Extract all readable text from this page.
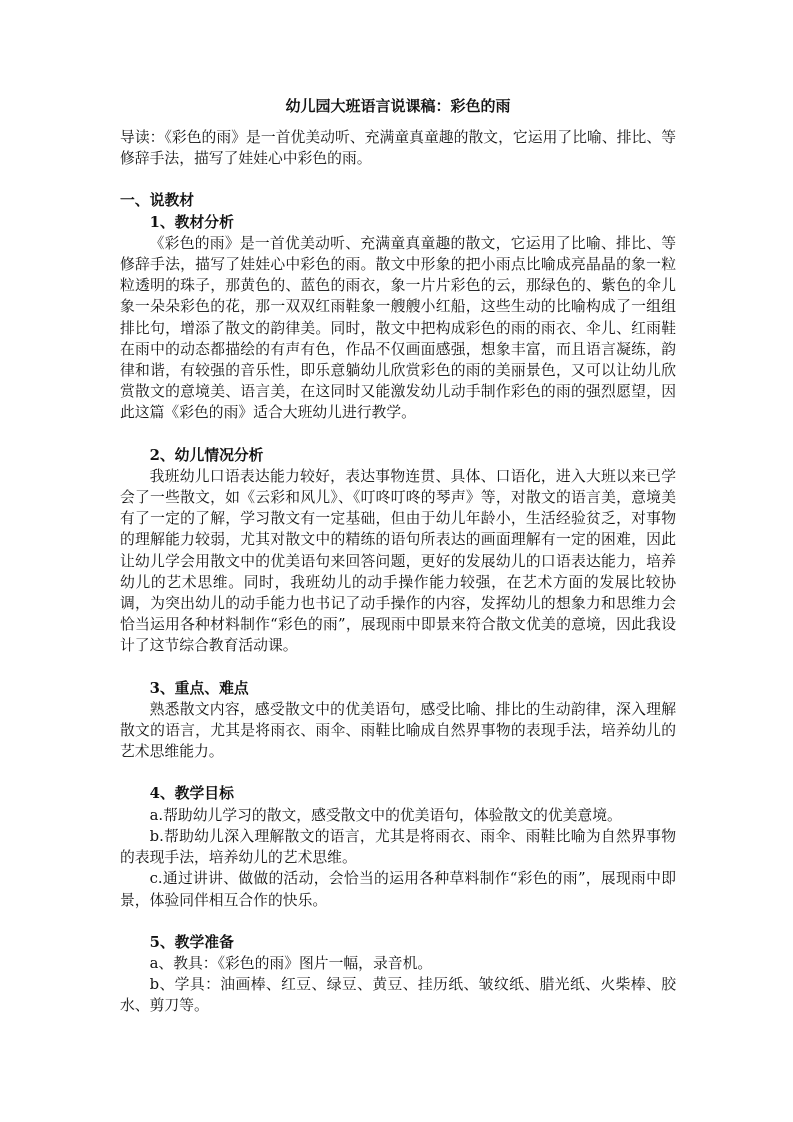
幼儿园大班语言说课稿：彩色的雨

导读：《彩色的雨》是一首优美动听、充满童真童趣的散文，它运用了比喻、排比、等修辞手法，描写了娃娃心中彩色的雨。

一、说教材

1、教材分析

《彩色的雨》是一首优美动听、充满童真童趣的散文，它运用了比喻、排比、等修辞手法，描写了娃娃心中彩色的雨。散文中形象的把小雨点比喻成亮晶晶的象一粒粒透明的珠子，那黄色的、蓝色的雨衣，象一片片彩色的云，那绿色的、紫色的伞儿象一朵朵彩色的花，那一双双红雨鞋象一艘艘小红船，这些生动的比喻构成了一组组排比句，增添了散文的韵律美。同时，散文中把构成彩色的雨的雨衣、伞儿、红雨鞋在雨中的动态都描绘的有声有色，作品不仅画面感强，想象丰富，而且语言凝练，韵律和谐，有较强的音乐性，即乐意躺幼儿欣赏彩色的雨的美丽景色，又可以让幼儿欣赏散文的意境美、语言美，在这同时又能激发幼儿动手制作彩色的雨的强烈愿望，因此这篇《彩色的雨》适合大班幼儿进行教学。

2、幼儿情况分析

我班幼儿口语表达能力较好，表达事物连贯、具体、口语化，进入大班以来已学会了一些散文，如《云彩和风儿》、《叮咚叮咚的琴声》等，对散文的语言美，意境美有了一定的了解，学习散文有一定基础，但由于幼儿年龄小，生活经验贫乏，对事物的理解能力较弱，尤其对散文中的精练的语句所表达的画面理解有一定的困难，因此让幼儿学会用散文中的优美语句来回答问题，更好的发展幼儿的口语表达能力，培养幼儿的艺术思维。同时，我班幼儿的动手操作能力较强，在艺术方面的发展比较协调，为突出幼儿的动手能力也书记了动手操作的内容，发挥幼儿的想象力和思维力会恰当运用各种材料制作“彩色的雨”，展现雨中即景来符合散文优美的意境，因此我设计了这节综合教育活动课。

3、重点、难点

熟悉散文内容，感受散文中的优美语句，感受比喻、排比的生动韵律，深入理解散文的语言，尤其是将雨衣、雨伞、雨鞋比喻成自然界事物的表现手法，培养幼儿的艺术思维能力。

4、教学目标

a.帮助幼儿学习的散文，感受散文中的优美语句，体验散文的优美意境。

b.帮助幼儿深入理解散文的语言，尤其是将雨衣、雨伞、雨鞋比喻为自然界事物的表现手法，培养幼儿的艺术思维。

c.通过讲讲、做做的活动，会恰当的运用各种草料制作“彩色的雨”，展现雨中即景，体验同伴相互合作的快乐。

5、教学准备

a、教具：《彩色的雨》图片一幅，录音机。

b、学具：油画棒、红豆、绿豆、黄豆、挂历纸、皱纹纸、腊光纸、火柴棒、胶水、剪刀等。
